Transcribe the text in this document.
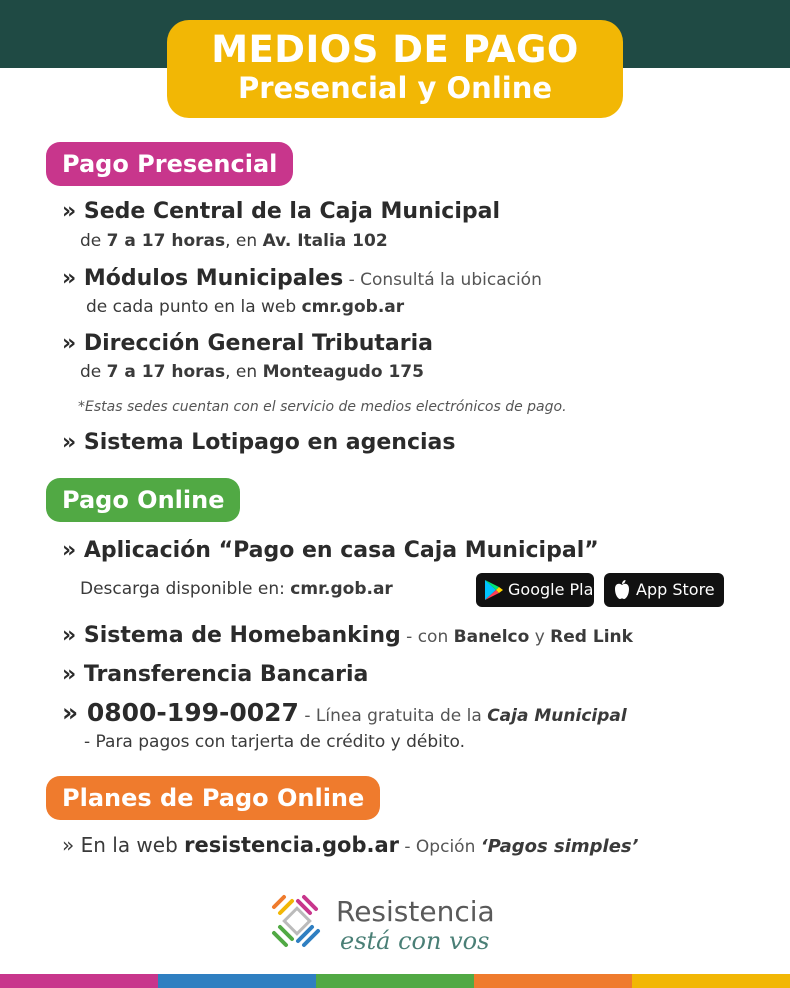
MEDIOS DE PAGO
Presencial y Online
Pago Presencial
» Sede Central de la Caja Municipal
de 7 a 17 horas, en Av. Italia 102
» Módulos Municipales - Consultá la ubicación
de cada punto en la web cmr.gob.ar
» Dirección General Tributaria
de 7 a 17 horas, en Monteagudo 175
*Estas sedes cuentan con el servicio de medios electrónicos de pago.
» Sistema Lotipago en agencias
Pago Online
» Aplicación “Pago en casa Caja Municipal”
Descarga disponible en: cmr.gob.ar	Google Play App Store
» Sistema de Homebanking - con Banelco y Red Link
» Transferencia Bancaria
» 0800-199-0027 - Línea gratuita de la Caja Municipal
- Para pagos con tarjerta de crédito y débito.
Planes de Pago Online
» En la web resistencia.gob.ar - Opción ‘Pagos simples’
Resistencia
está con vos
